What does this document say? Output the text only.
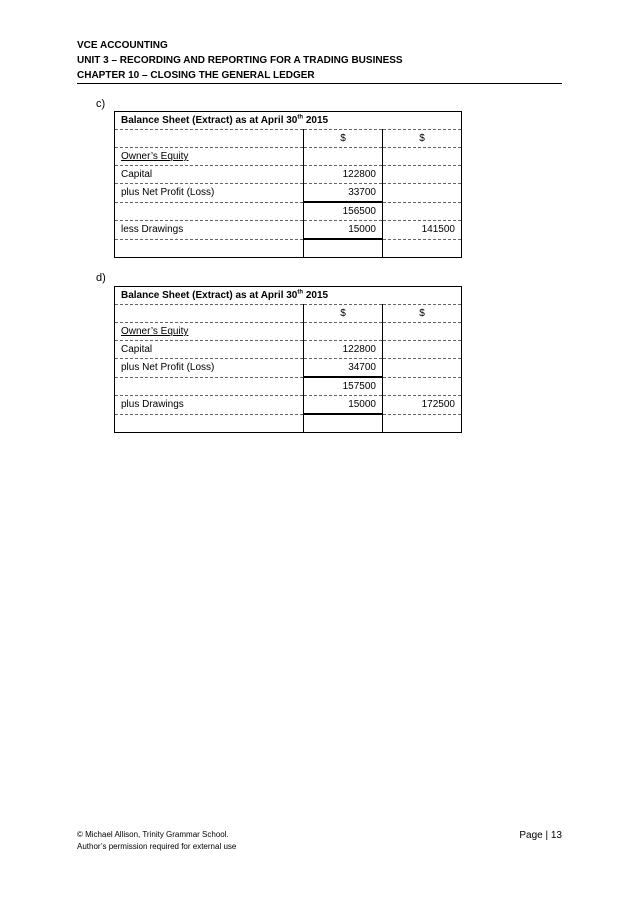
VCE ACCOUNTING
UNIT 3 – RECORDING AND REPORTING FOR A TRADING BUSINESS
CHAPTER 10 – CLOSING THE GENERAL LEDGER
c)
Balance Sheet (Extract) as at April 30th 2015		
	$	$
Owner’s Equity		
Capital	122800	
plus Net Profit (Loss)	33700	
	156500	
less Drawings	15000	141500

d)
Balance Sheet (Extract) as at April 30th 2015		
	$	$
Owner’s Equity		
Capital	122800	
plus Net Profit (Loss)	34700	
	157500	
plus Drawings	15000	172500

© Michael Allison, Trinity Grammar School.
Author’s permission required for external use
Page | 13
